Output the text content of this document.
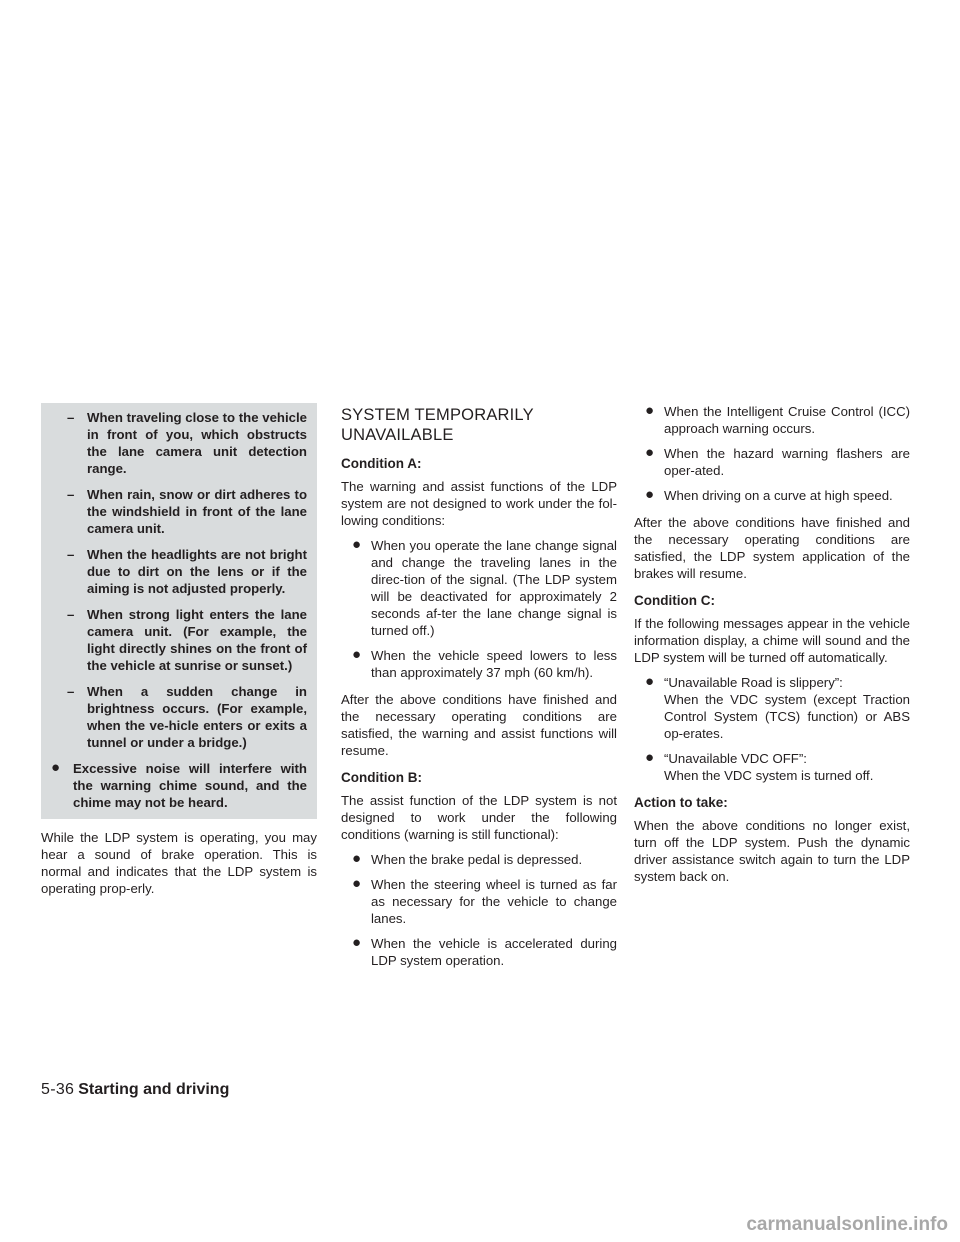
– When traveling close to the vehicle in front of you, which obstructs the lane camera unit detection range.
– When rain, snow or dirt adheres to the windshield in front of the lane camera unit.
– When the headlights are not bright due to dirt on the lens or if the aiming is not adjusted properly.
– When strong light enters the lane camera unit. (For example, the light directly shines on the front of the vehicle at sunrise or sunset.)
– When a sudden change in brightness occurs. (For example, when the ve-hicle enters or exits a tunnel or under a bridge.)
● Excessive noise will interfere with the warning chime sound, and the chime may not be heard.

While the LDP system is operating, you may hear a sound of brake operation. This is normal and indicates that the LDP system is operating prop-erly.

SYSTEM TEMPORARILY
UNAVAILABLE
Condition A:

The warning and assist functions of the LDP system are not designed to work under the fol-lowing conditions:

● When you operate the lane change signal and change the traveling lanes in the direc-tion of the signal. (The LDP system will be deactivated for approximately 2 seconds af-ter the lane change signal is turned off.)
● When the vehicle speed lowers to less than approximately 37 mph (60 km/h).

After the above conditions have finished and the necessary operating conditions are satisfied, the warning and assist functions will resume.

Condition B:

The assist function of the LDP system is not designed to work under the following conditions (warning is still functional):

● When the brake pedal is depressed.
● When the steering wheel is turned as far as necessary for the vehicle to change lanes.
● When the vehicle is accelerated during LDP system operation.
● When the Intelligent Cruise Control (ICC) approach warning occurs.
● When the hazard warning flashers are oper-ated.
● When driving on a curve at high speed.

After the above conditions have finished and the necessary operating conditions are satisfied, the LDP system application of the brakes will resume.

Condition C:

If the following messages appear in the vehicle information display, a chime will sound and the LDP system will be turned off automatically.

● “Unavailable Road is slippery”:
When the VDC system (except Traction Control System (TCS) function) or ABS op-erates.
● “Unavailable VDC OFF”:
When the VDC system is turned off.
Action to take:

When the above conditions no longer exist, turn off the LDP system. Push the dynamic driver assistance switch again to turn the LDP system back on.

5-36 Starting and driving
carmanualsonline.info
